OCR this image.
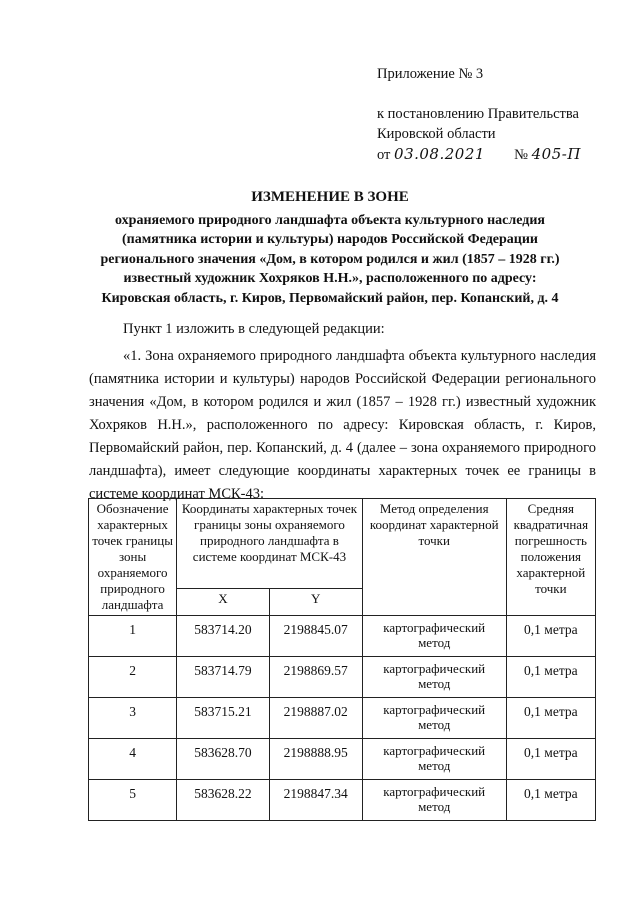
Приложение № 3
к постановлению Правительства
Кировской области
от 03.08.2021 № 405-П
ИЗМЕНЕНИЕ В ЗОНЕ
охраняемого природного ландшафта объекта культурного наследия
(памятника истории и культуры) народов Российской Федерации
регионального значения «Дом, в котором родился и жил (1857 – 1928 гг.)
известный художник Хохряков Н.Н.», расположенного по адресу:
Кировская область, г. Киров, Первомайский район, пер. Копанский, д. 4

Пункт 1 изложить в следующей редакции:

«1. Зона охраняемого природного ландшафта объекта культурного наследия (памятника истории и культуры) народов Российской Федерации регионального значения «Дом, в котором родился и жил (1857 – 1928 гг.) известный художник Хохряков Н.Н.», расположенного по адресу: Кировская область, г. Киров, Первомайский район, пер. Копанский, д. 4 (далее – зона охраняемого природного ландшафта), имеет следующие координаты характерных точек ее границы в системе координат МСК-43:

Обозначение характерных точек границы зоны охраняемого природного ландшафта	Координаты характерных точек границы зоны охраняемого природного ландшафта в системе координат МСК-43		Метод определения координат характерной точки	Средняя квадратичная погрешность положения характерной точки
	X	Y		
1	583714.20	2198845.07	картографический метод	0,1 метра
2	583714.79	2198869.57	картографический метод	0,1 метра
3	583715.21	2198887.02	картографический метод	0,1 метра
4	583628.70	2198888.95	картографический метод	0,1 метра
5	583628.22	2198847.34	картографический метод	0,1 метра
